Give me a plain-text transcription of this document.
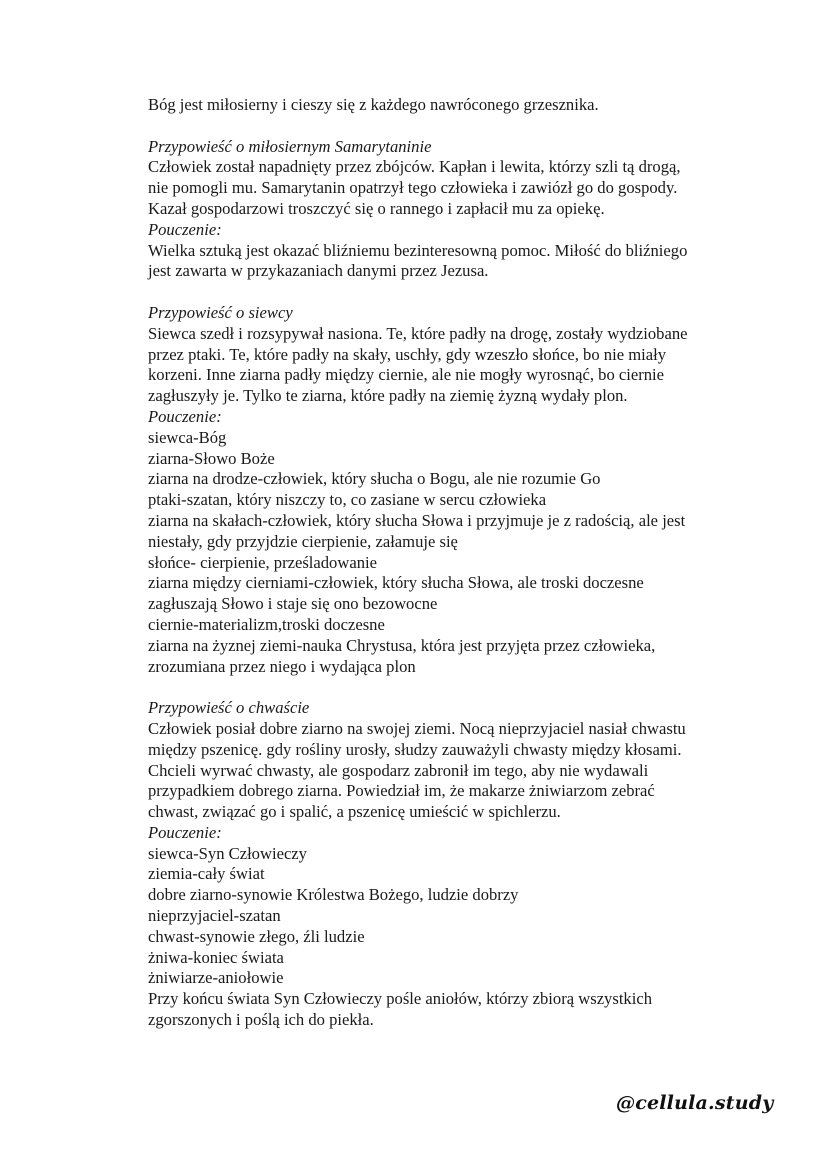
Bóg jest miłosierny i cieszy się z każdego nawróconego grzesznika.
Przypowieść o miłosiernym Samarytaninie
Człowiek został napadnięty przez zbójców. Kapłan i lewita, którzy szli tą drogą,
nie pomogli mu. Samarytanin opatrzył tego człowieka i zawiózł go do gospody.
Kazał gospodarzowi troszczyć się o rannego i zapłacił mu za opiekę.
Pouczenie:
Wielka sztuką jest okazać bliźniemu bezinteresowną pomoc. Miłość do bliźniego
jest zawarta w przykazaniach danymi przez Jezusa.
Przypowieść o siewcy
Siewca szedł i rozsypywał nasiona. Te, które padły na drogę, zostały wydziobane
przez ptaki. Te, które padły na skały, uschły, gdy wzeszło słońce, bo nie miały
korzeni. Inne ziarna padły między ciernie, ale nie mogły wyrosnąć, bo ciernie
zagłuszyły je. Tylko te ziarna, które padły na ziemię żyzną wydały plon.
Pouczenie:
siewca-Bóg
ziarna-Słowo Boże
ziarna na drodze-człowiek, który słucha o Bogu, ale nie rozumie Go
ptaki-szatan, który niszczy to, co zasiane w sercu człowieka
ziarna na skałach-człowiek, który słucha Słowa i przyjmuje je z radością, ale jest
niestały, gdy przyjdzie cierpienie, załamuje się
słońce- cierpienie, prześladowanie
ziarna między cierniami-człowiek, który słucha Słowa, ale troski doczesne
zagłuszają Słowo i staje się ono bezowocne
ciernie-materializm,troski doczesne
ziarna na żyznej ziemi-nauka Chrystusa, która jest przyjęta przez człowieka,
zrozumiana przez niego i wydająca plon
Przypowieść o chwaście
Człowiek posiał dobre ziarno na swojej ziemi. Nocą nieprzyjaciel nasiał chwastu
między pszenicę. gdy rośliny urosły, słudzy zauważyli chwasty między kłosami.
Chcieli wyrwać chwasty, ale gospodarz zabronił im tego, aby nie wydawali
przypadkiem dobrego ziarna. Powiedział im, że makarze żniwiarzom zebrać
chwast, związać go i spalić, a pszenicę umieścić w spichlerzu.
Pouczenie:
siewca-Syn Człowieczy
ziemia-cały świat
dobre ziarno-synowie Królestwa Bożego, ludzie dobrzy
nieprzyjaciel-szatan
chwast-synowie złego, źli ludzie
żniwa-koniec świata
żniwiarze-aniołowie
Przy końcu świata Syn Człowieczy pośle aniołów, którzy zbiorą wszystkich
zgorszonych i poślą ich do piekła.
@cellula.study
